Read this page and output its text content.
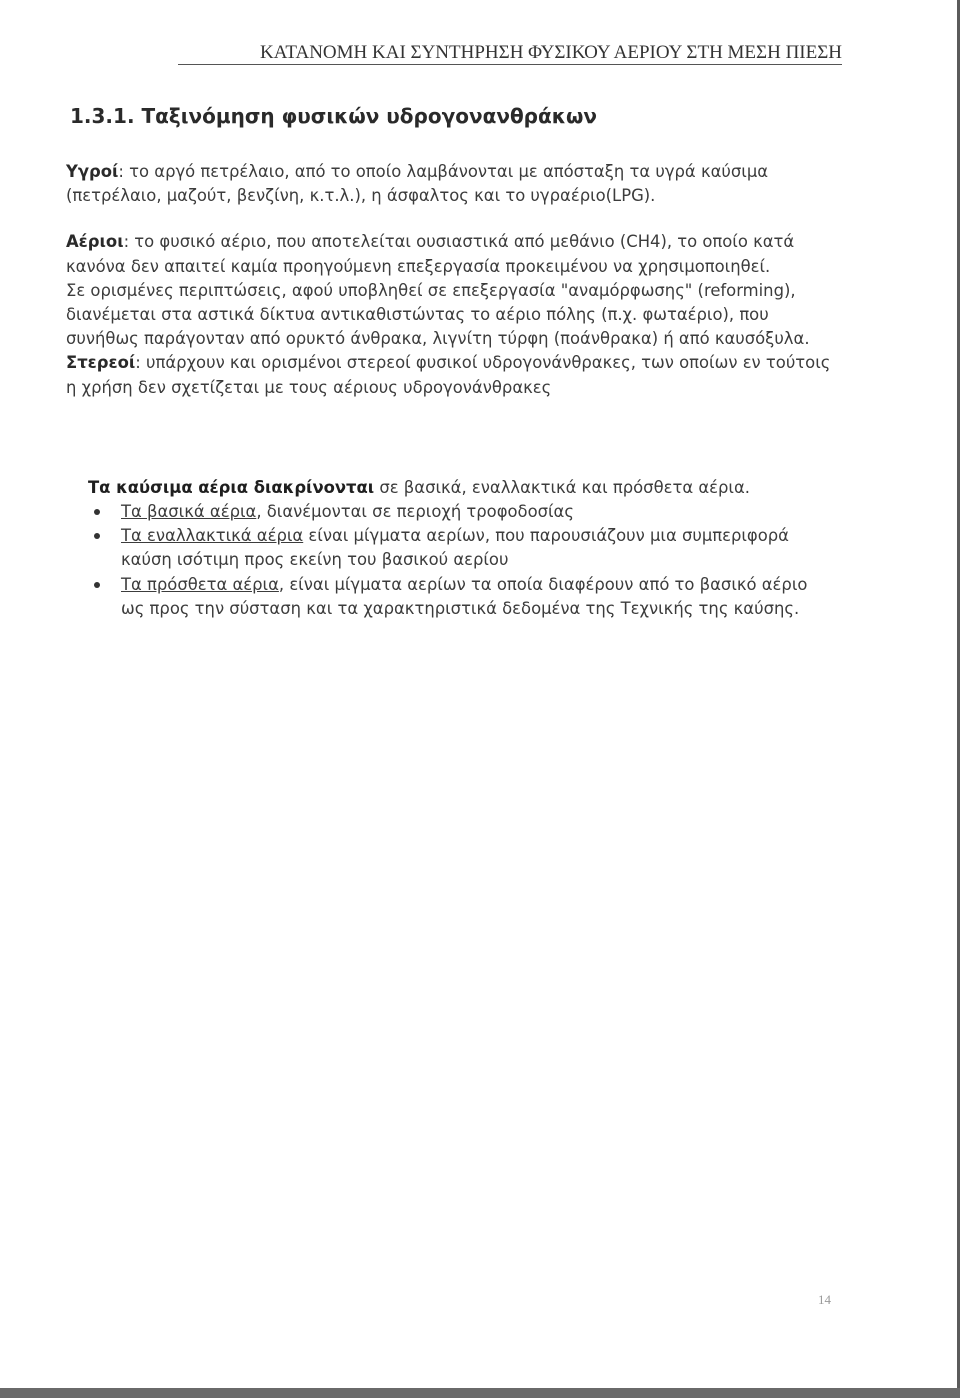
ΚΑΤΑΝΟΜΗ ΚΑΙ ΣΥΝΤΗΡΗΣΗ ΦΥΣΙΚΟΥ ΑΕΡΙΟΥ ΣΤΗ ΜΕΣΗ ΠΙΕΣΗ
1.3.1. Ταξινόμηση φυσικών υδρογονανθράκων

Υγροί: το αργό πετρέλαιο, από το οποίο λαμβάνονται με απόσταξη τα υγρά καύσιμα (πετρέλαιο, μαζούτ, βενζίνη, κ.τ.λ.), η άσφαλτος και το υγραέριο(LPG).

Αέριοι: το φυσικό αέριο, που αποτελείται ουσιαστικά από μεθάνιο (CH4), το οποίο κατά κανόνα δεν απαιτεί καμία προηγούμενη επεξεργασία προκειμένου να χρησιμοποιηθεί.

Σε ορισμένες περιπτώσεις, αφού υποβληθεί σε επεξεργασία "αναμόρφωσης" (reforming), διανέμεται στα αστικά δίκτυα αντικαθιστώντας το αέριο πόλης (π.χ. φωταέριο), που συνήθως παράγονταν από ορυκτό άνθρακα, λιγνίτη τύρφη (ποάνθρακα) ή από καυσόξυλα.

Στερεοί: υπάρχουν και ορισμένοι στερεοί φυσικοί υδρογονάνθρακες, των οποίων εν τούτοις η χρήση δεν σχετίζεται με τους αέριους υδρογονάνθρακες

Τα καύσιμα αέρια διακρίνονται σε βασικά, εναλλακτικά και πρόσθετα αέρια.
Τα βασικά αέρια, διανέμονται σε περιοχή τροφοδοσίας
Τα εναλλακτικά αέρια είναι μίγματα αερίων, που παρουσιάζουν μια συμπεριφορά καύση ισότιμη προς εκείνη του βασικού αερίου
Τα πρόσθετα αέρια, είναι μίγματα αερίων τα οποία διαφέρουν από το βασικό αέριο ως προς την σύσταση και τα χαρακτηριστικά δεδομένα της Τεχνικής της καύσης.
14
